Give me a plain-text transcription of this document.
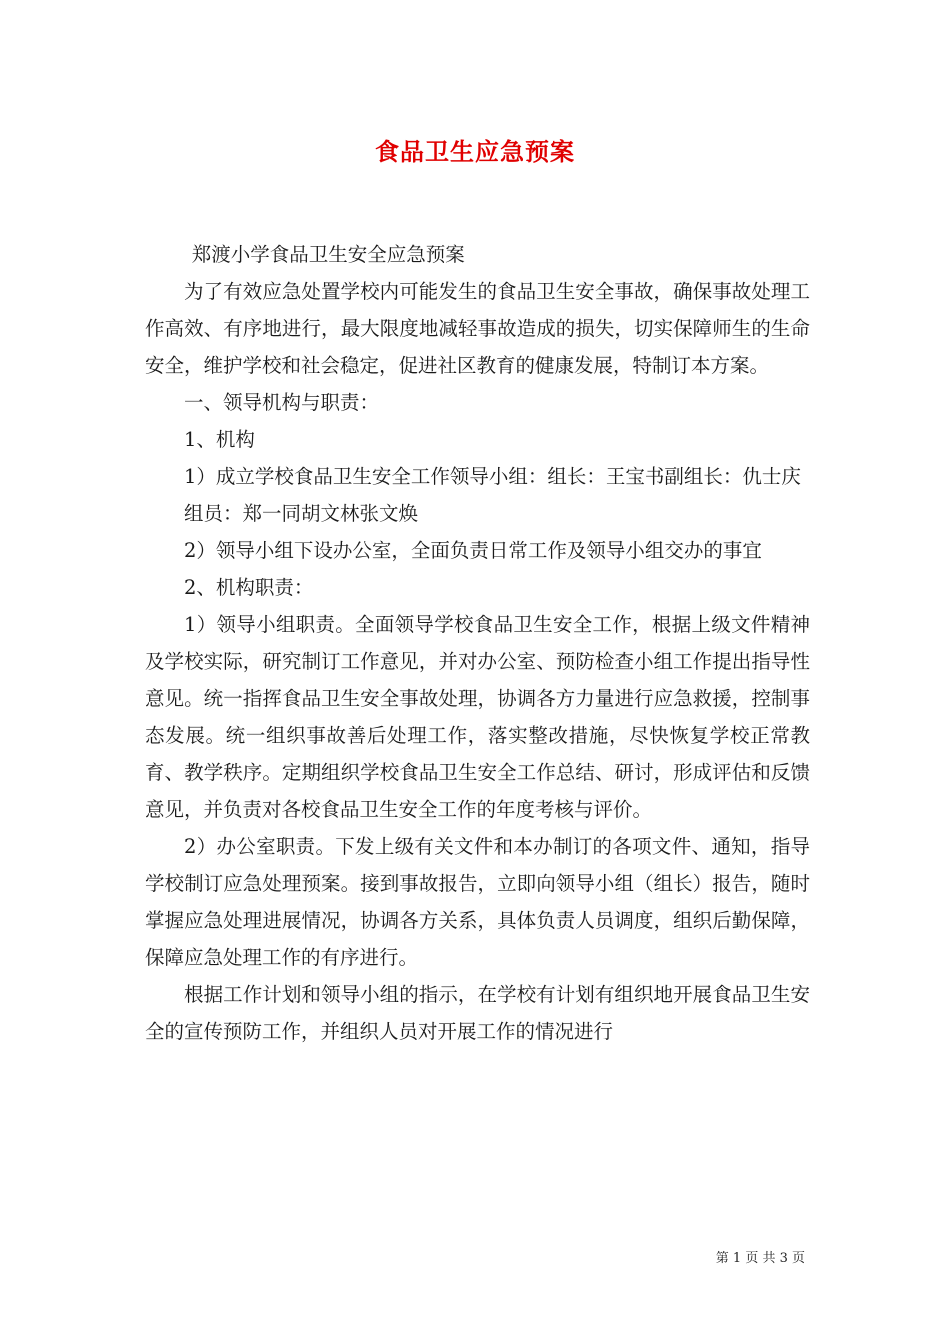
食品卫生应急预案

郑渡小学食品卫生安全应急预案

为了有效应急处置学校内可能发生的食品卫生安全事故，确保事故处理工作高效、有序地进行，最大限度地减轻事故造成的损失，切实保障师生的生命安全，维护学校和社会稳定，促进社区教育的健康发展，特制订本方案。

一、领导机构与职责：

1、机构

1）成立学校食品卫生安全工作领导小组：组长：王宝书副组长：仇士庆

组员：郑一同胡文林张文焕

2）领导小组下设办公室，全面负责日常工作及领导小组交办的事宜

2、机构职责：

1）领导小组职责。全面领导学校食品卫生安全工作，根据上级文件精神及学校实际，研究制订工作意见，并对办公室、预防检查小组工作提出指导性意见。统一指挥食品卫生安全事故处理，协调各方力量进行应急救援，控制事态发展。统一组织事故善后处理工作，落实整改措施，尽快恢复学校正常教育、教学秩序。定期组织学校食品卫生安全工作总结、研讨，形成评估和反馈意见，并负责对各校食品卫生安全工作的年度考核与评价。

2）办公室职责。下发上级有关文件和本办制订的各项文件、通知，指导学校制订应急处理预案。接到事故报告，立即向领导小组（组长）报告，随时掌握应急处理进展情况，协调各方关系，具体负责人员调度，组织后勤保障，保障应急处理工作的有序进行。

根据工作计划和领导小组的指示，在学校有计划有组织地开展食品卫生安全的宣传预防工作，并组织人员对开展工作的情况进行

第 1 页 共 3 页
